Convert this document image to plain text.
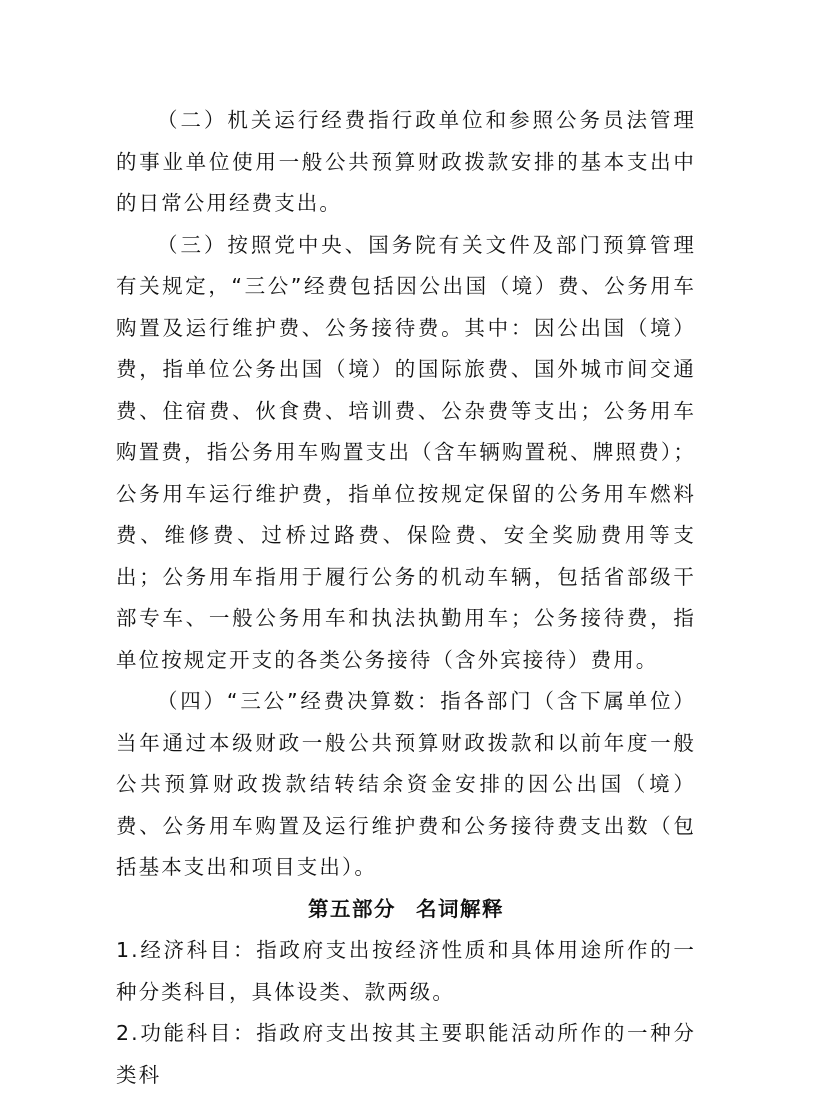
（二）机关运行经费指行政单位和参照公务员法管理的事业单位使用一般公共预算财政拨款安排的基本支出中的日常公用经费支出。

（三）按照党中央、国务院有关文件及部门预算管理有关规定，“三公”经费包括因公出国（境）费、公务用车购置及运行维护费、公务接待费。其中：因公出国（境）费，指单位公务出国（境）的国际旅费、国外城市间交通费、住宿费、伙食费、培训费、公杂费等支出；公务用车购置费，指公务用车购置支出（含车辆购置税、牌照费）；公务用车运行维护费，指单位按规定保留的公务用车燃料费、维修费、过桥过路费、保险费、安全奖励费用等支出；公务用车指用于履行公务的机动车辆，包括省部级干部专车、一般公务用车和执法执勤用车；公务接待费，指单位按规定开支的各类公务接待（含外宾接待）费用。

（四）“三公”经费决算数：指各部门（含下属单位）当年通过本级财政一般公共预算财政拨款和以前年度一般公共预算财政拨款结转结余资金安排的因公出国（境）费、公务用车购置及运行维护费和公务接待费支出数（包括基本支出和项目支出）。

第五部分 名词解释

1.经济科目：指政府支出按经济性质和具体用途所作的一种分类科目，具体设类、款两级。

2.功能科目：指政府支出按其主要职能活动所作的一种分类科
